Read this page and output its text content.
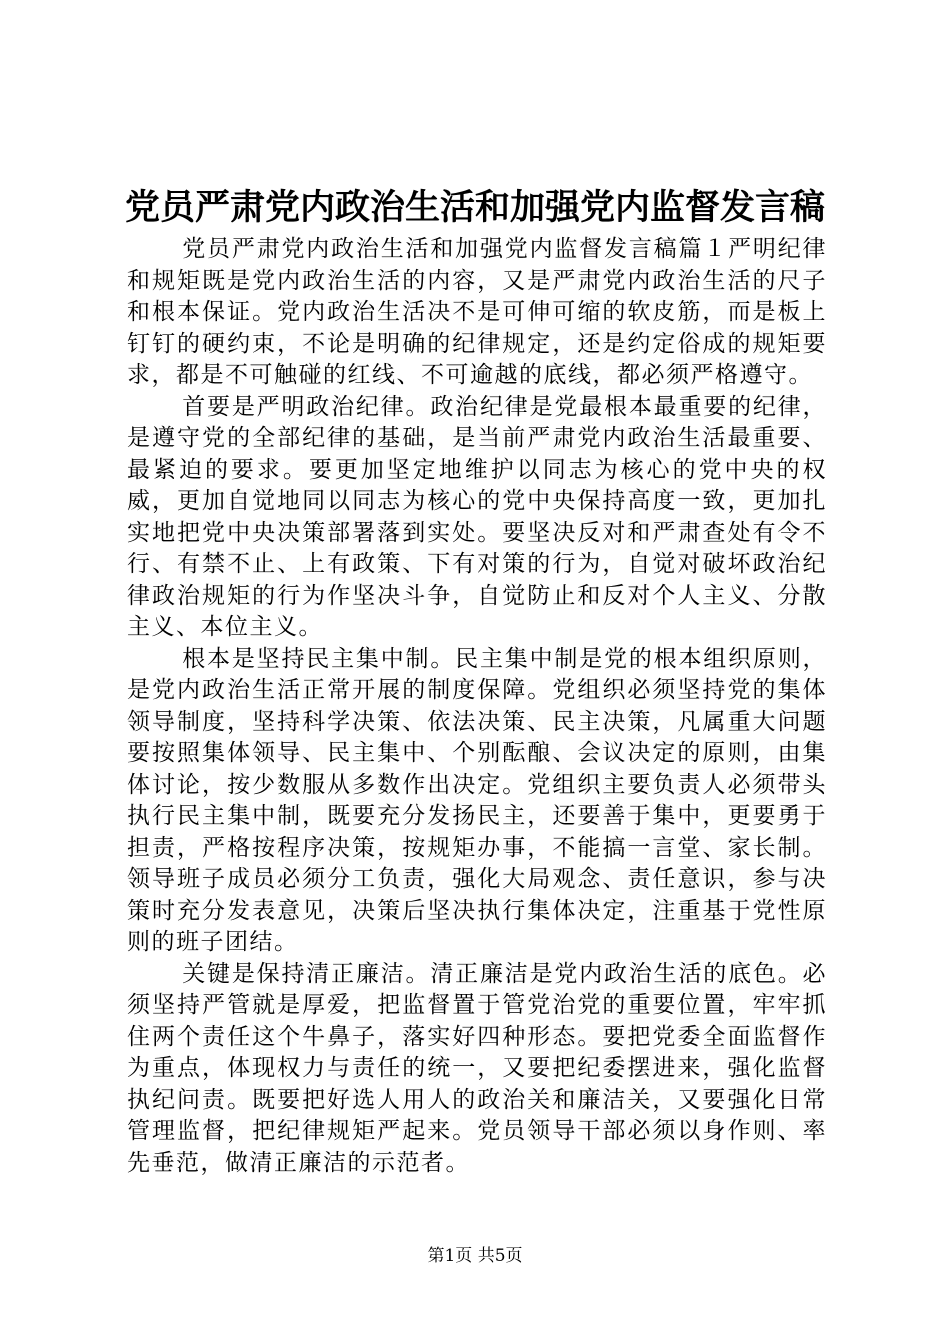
党员严肃党内政治生活和加强党内监督发言稿

党员严肃党内政治生活和加强党内监督发言稿篇１严明纪律和规矩既是党内政治生活的内容，又是严肃党内政治生活的尺子和根本保证。党内政治生活决不是可伸可缩的软皮筋，而是板上钉钉的硬约束，不论是明确的纪律规定，还是约定俗成的规矩要求，都是不可触碰的红线、不可逾越的底线，都必须严格遵守。

首要是严明政治纪律。政治纪律是党最根本最重要的纪律，是遵守党的全部纪律的基础，是当前严肃党内政治生活最重要、最紧迫的要求。要更加坚定地维护以同志为核心的党中央的权威，更加自觉地同以同志为核心的党中央保持高度一致，更加扎实地把党中央决策部署落到实处。要坚决反对和严肃查处有令不行、有禁不止、上有政策、下有对策的行为，自觉对破坏政治纪律政治规矩的行为作坚决斗争，自觉防止和反对个人主义、分散主义、本位主义。

根本是坚持民主集中制。民主集中制是党的根本组织原则，是党内政治生活正常开展的制度保障。党组织必须坚持党的集体领导制度，坚持科学决策、依法决策、民主决策，凡属重大问题要按照集体领导、民主集中、个别酝酿、会议决定的原则，由集体讨论，按少数服从多数作出决定。党组织主要负责人必须带头执行民主集中制，既要充分发扬民主，还要善于集中，更要勇于担责，严格按程序决策，按规矩办事，不能搞一言堂、家长制。领导班子成员必须分工负责，强化大局观念、责任意识，参与决策时充分发表意见，决策后坚决执行集体决定，注重基于党性原则的班子团结。

关键是保持清正廉洁。清正廉洁是党内政治生活的底色。必须坚持严管就是厚爱，把监督置于管党治党的重要位置，牢牢抓住两个责任这个牛鼻子，落实好四种形态。要把党委全面监督作为重点，体现权力与责任的统一，又要把纪委摆进来，强化监督执纪问责。既要把好选人用人的政治关和廉洁关，又要强化日常管理监督，把纪律规矩严起来。党员领导干部必须以身作则、率先垂范，做清正廉洁的示范者。

第1页 共5页
